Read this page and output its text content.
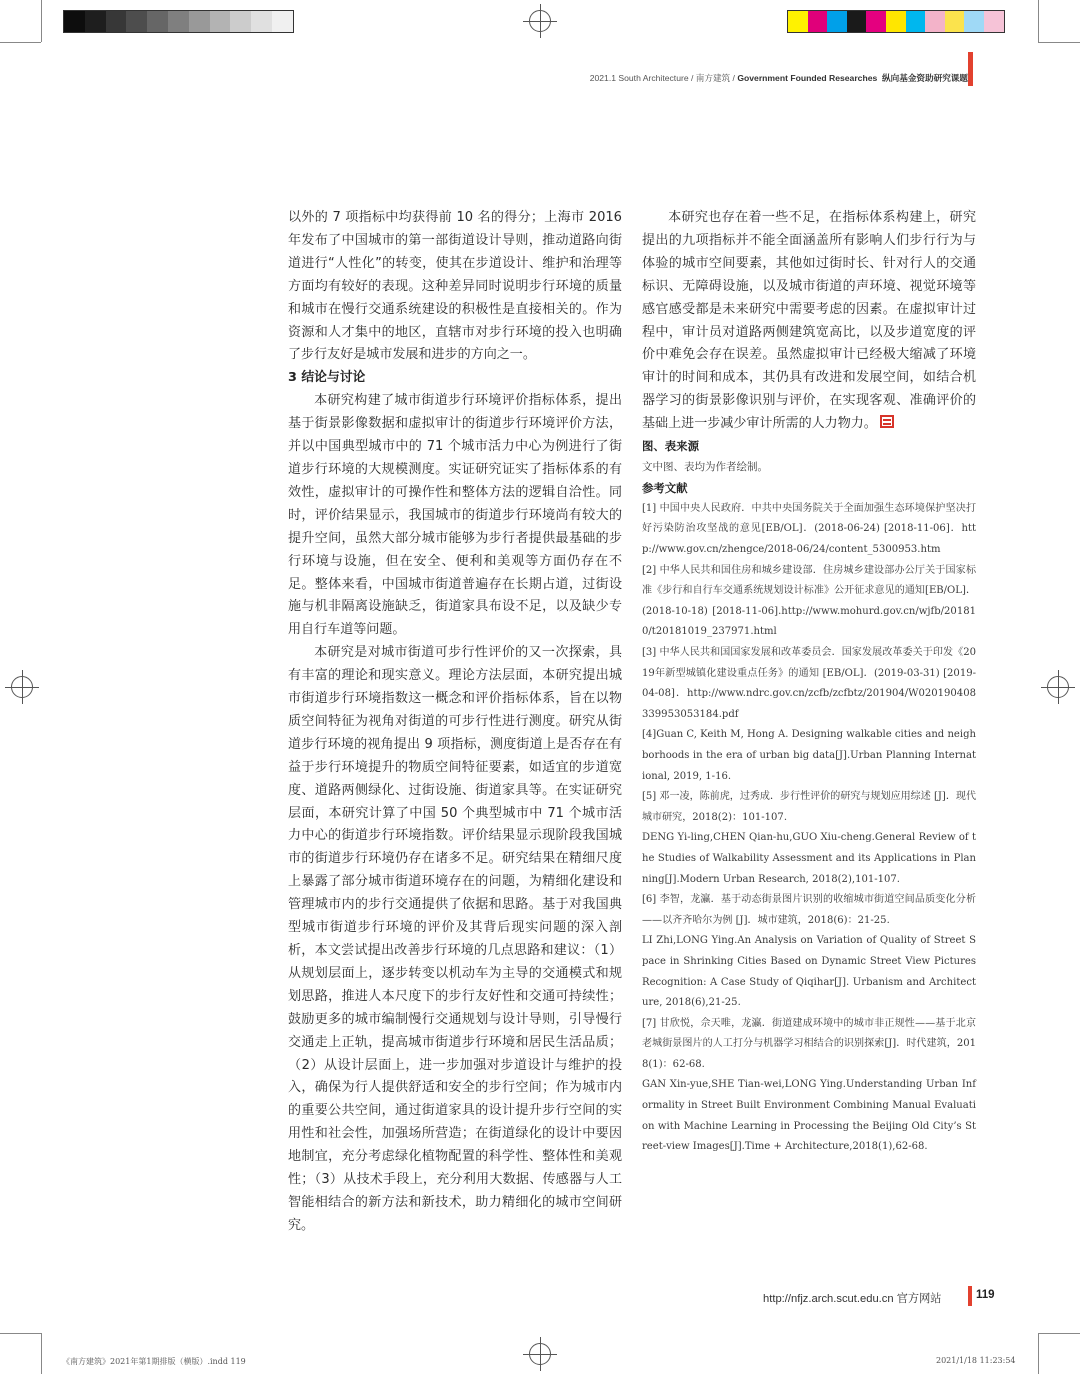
2021.1 South Architecture / 南方建筑 / Government Founded Researches 纵向基金资助研究课题

以外的 7 项指标中均获得前 10 名的得分；上海市 2016 年发布了中国城市的第一部街道设计导则，推动道路向街道进行“人性化”的转变，使其在步道设计、维护和治理等方面均有较好的表现。这种差异同时说明步行环境的质量和城市在慢行交通系统建设的积极性是直接相关的。作为资源和人才集中的地区，直辖市对步行环境的投入也明确了步行友好是城市发展和进步的方向之一。

3 结论与讨论

本研究构建了城市街道步行环境评价指标体系，提出基于街景影像数据和虚拟审计的街道步行环境评价方法，并以中国典型城市中的 71 个城市活力中心为例进行了街道步行环境的大规模测度。实证研究证实了指标体系的有效性，虚拟审计的可操作性和整体方法的逻辑自洽性。同时，评价结果显示，我国城市的街道步行环境尚有较大的提升空间，虽然大部分城市能够为步行者提供最基础的步行环境与设施，但在安全、便利和美观等方面仍存在不足。整体来看，中国城市街道普遍存在长期占道，过街设施与机非隔离设施缺乏，街道家具布设不足，以及缺少专用自行车道等问题。

本研究是对城市街道可步行性评价的又一次探索，具有丰富的理论和现实意义。理论方法层面，本研究提出城市街道步行环境指数这一概念和评价指标体系，旨在以物质空间特征为视角对街道的可步行性进行测度。研究从街道步行环境的视角提出 9 项指标，测度街道上是否存在有益于步行环境提升的物质空间特征要素，如适宜的步道宽度、道路两侧绿化、过街设施、街道家具等。在实证研究层面，本研究计算了中国 50 个典型城市中 71 个城市活力中心的街道步行环境指数。评价结果显示现阶段我国城市的街道步行环境仍存在诸多不足。研究结果在精细尺度上暴露了部分城市街道环境存在的问题，为精细化建设和管理城市内的步行交通提供了依据和思路。基于对我国典型城市街道步行环境的评价及其背后现实问题的深入剖析，本文尝试提出改善步行环境的几点思路和建议：（1）从规划层面上，逐步转变以机动车为主导的交通模式和规划思路，推进人本尺度下的步行友好性和交通可持续性；鼓励更多的城市编制慢行交通规划与设计导则，引导慢行交通走上正轨，提高城市街道步行环境和居民生活品质；（2）从设计层面上，进一步加强对步道设计与维护的投入，确保为行人提供舒适和安全的步行空间；作为城市内的重要公共空间，通过街道家具的设计提升步行空间的实用性和社会性，加强场所营造；在街道绿化的设计中要因地制宜，充分考虑绿化植物配置的科学性、整体性和美观性；（3）从技术手段上，充分利用大数据、传感器与人工智能相结合的新方法和新技术，助力精细化的城市空间研究。

本研究也存在着一些不足，在指标体系构建上，研究提出的九项指标并不能全面涵盖所有影响人们步行行为与体验的城市空间要素，其他如过街时长、针对行人的交通标识、无障碍设施，以及城市街道的声环境、视觉环境等感官感受都是未来研究中需要考虑的因素。在虚拟审计过程中，审计员对道路两侧建筑宽高比，以及步道宽度的评价中难免会存在误差。虽然虚拟审计已经极大缩减了环境审计的时间和成本，其仍具有改进和发展空间，如结合机器学习的街景影像识别与评价，在实现客观、准确评价的基础上进一步减少审计所需的人力物力。

图、表来源

文中图、表均为作者绘制。

参考文献

[1] 中国中央人民政府．中共中央国务院关于全面加强生态环境保护坚决打好污染防治攻坚战的意见[EB/OL]．(2018-06-24) [2018-11-06]．http://www.gov.cn/zhengce/2018-06/24/content_5300953.htm

[2] 中华人民共和国住房和城乡建设部．住房城乡建设部办公厅关于国家标准《步行和自行车交通系统规划设计标准》公开征求意见的通知[EB/OL]．(2018-10-18) [2018-11-06].http://www.mohurd.gov.cn/wjfb/201810/t20181019_237971.html

[3] 中华人民共和国国家发展和改革委员会．国家发展改革委关于印发《2019年新型城镇化建设重点任务》的通知 [EB/OL]．(2019-03-31) [2019-04-08]．http://www.ndrc.gov.cn/zcfb/zcfbtz/201904/W020190408339953053184.pdf

[4]Guan C, Keith M, Hong A. Designing walkable cities and neighborhoods in the era of urban big data[J].Urban Planning International, 2019, 1-16.

[5] 邓一凌，陈前虎，过秀成．步行性评价的研究与规划应用综述 [J]．现代城市研究，2018(2)：101-107.

DENG Yi-ling,CHEN Qian-hu,GUO Xiu-cheng.General Review of the Studies of Walkability Assessment and its Applications in Planning[J].Modern Urban Research, 2018(2),101-107.

[6] 李智，龙瀛．基于动态街景图片识别的收缩城市街道空间品质变化分析——以齐齐哈尔为例 [J]．城市建筑，2018(6)：21-25.

LI Zhi,LONG Ying.An Analysis on Variation of Quality of Street Space in Shrinking Cities Based on Dynamic Street View Pictures Recognition: A Case Study of Qiqihar[J]. Urbanism and Architecture, 2018(6),21-25.

[7] 甘欣悦，佘天唯，龙瀛．街道建成环境中的城市非正规性——基于北京老城街景图片的人工打分与机器学习相结合的识别探索[J]．时代建筑，2018(1)：62-68.

GAN Xin-yue,SHE Tian-wei,LONG Ying.Understanding Urban Informality in Street Built Environment Combining Manual Evaluation with Machine Learning in Processing the Beijing Old City’s Street-view Images[J].Time + Architecture,2018(1),62-68.

http://nfjz.arch.scut.edu.cn 官方网站	119
《南方建筑》2021年第1期排版（横版）.indd 119	2021/1/18 11:23:54
